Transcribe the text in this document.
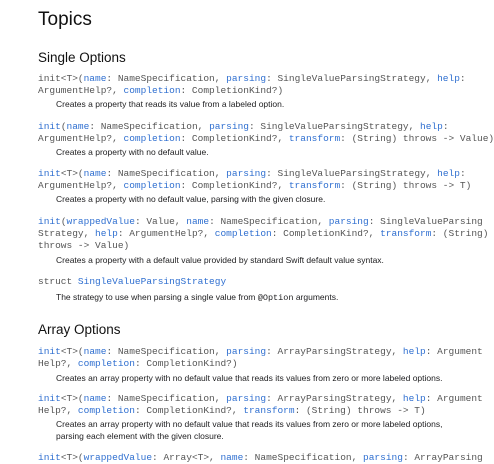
Topics
Single Options
init<T>(name: NameSpecification, parsing: SingleValueParsingStrategy, help:
ArgumentHelp?, completion: CompletionKind?)
Creates a property that reads its value from a labeled option.
init(name: NameSpecification, parsing: SingleValueParsingStrategy, help:
ArgumentHelp?, completion: CompletionKind?, transform: (String) throws -> Value)
Creates a property with no default value.
init<T>(name: NameSpecification, parsing: SingleValueParsingStrategy, help:
ArgumentHelp?, completion: CompletionKind?, transform: (String) throws -> T)
Creates a property with no default value, parsing with the given closure.
init(wrappedValue: Value, name: NameSpecification, parsing: SingleValueParsing
Strategy, help: ArgumentHelp?, completion: CompletionKind?, transform: (String)
throws -> Value)
Creates a property with a default value provided by standard Swift default value syntax.
struct SingleValueParsingStrategy
The strategy to use when parsing a single value from @Option arguments.
Array Options
init<T>(name: NameSpecification, parsing: ArrayParsingStrategy, help: Argument
Help?, completion: CompletionKind?)
Creates an array property with no default value that reads its values from zero or more labeled options.
init<T>(name: NameSpecification, parsing: ArrayParsingStrategy, help: Argument
Help?, completion: CompletionKind?, transform: (String) throws -> T)
Creates an array property with no default value that reads its values from zero or more labeled options,
parsing each element with the given closure.
init<T>(wrappedValue: Array<T>, name: NameSpecification, parsing: ArrayParsing
